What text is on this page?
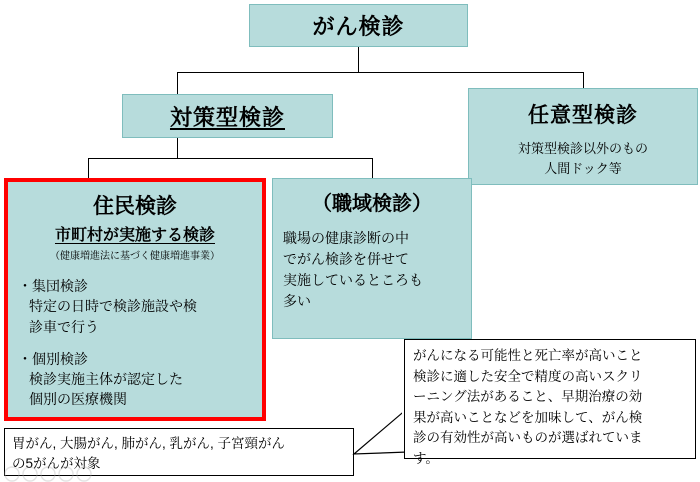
がん検診
対策型検診	任意型検診
対策型検診以外のもの
人間ドック等
住民検診
市町村が実施する検診
（健康増進法に基づく健康増進事業）
・集団検診
特定の日時で検診施設や検
診車で行う
・個別検診
検診実施主体が認定した
個別の医療機関
（職域検診）
職場の健康診断の中
でがん検診を併せて
実施しているところも
多い
胃がん, 大腸がん, 肺がん, 乳がん, 子宮頸がん
の5がんが対象
がんになる可能性と死亡率が高いこと
検診に適した安全で精度の高いスクリ
ーニング法があること、早期治療の効
果が高いことなどを加味して、がん検
診の有効性が高いものが選ばれていま
す。
